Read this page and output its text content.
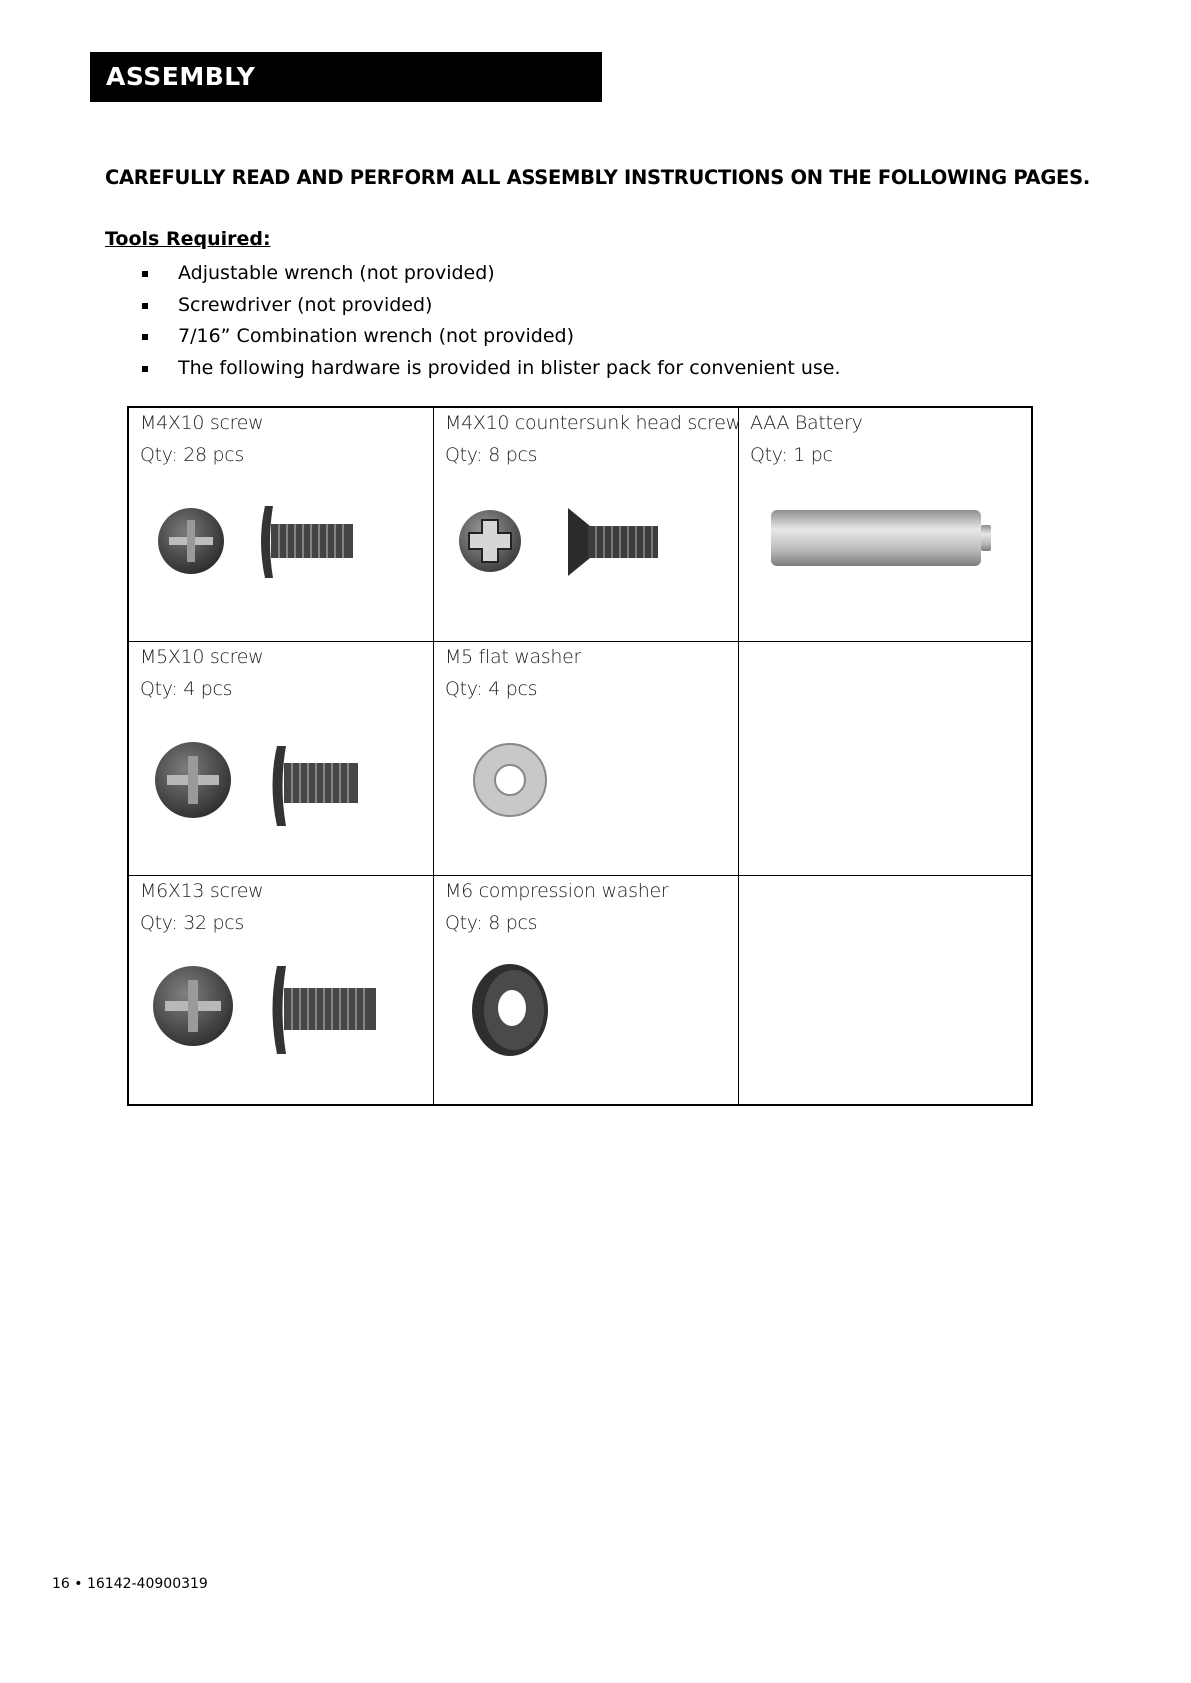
ASSEMBLY
CAREFULLY READ AND PERFORM ALL ASSEMBLY INSTRUCTIONS ON THE FOLLOWING PAGES.
Tools Required:
Adjustable wrench (not provided)
Screwdriver (not provided)
7/16” Combination wrench (not provided)
The following hardware is provided in blister pack for convenient use.
M4X10 screw
Qty: 28 pcs
M4X10 countersunk head screw
Qty: 8 pcs
AAA Battery
Qty: 1 pc
M5X10 screw
Qty: 4 pcs
M5 flat washer
Qty: 4 pcs
M6X13 screw
Qty: 32 pcs
M6 compression washer
Qty: 8 pcs
16 • 16142-40900319
